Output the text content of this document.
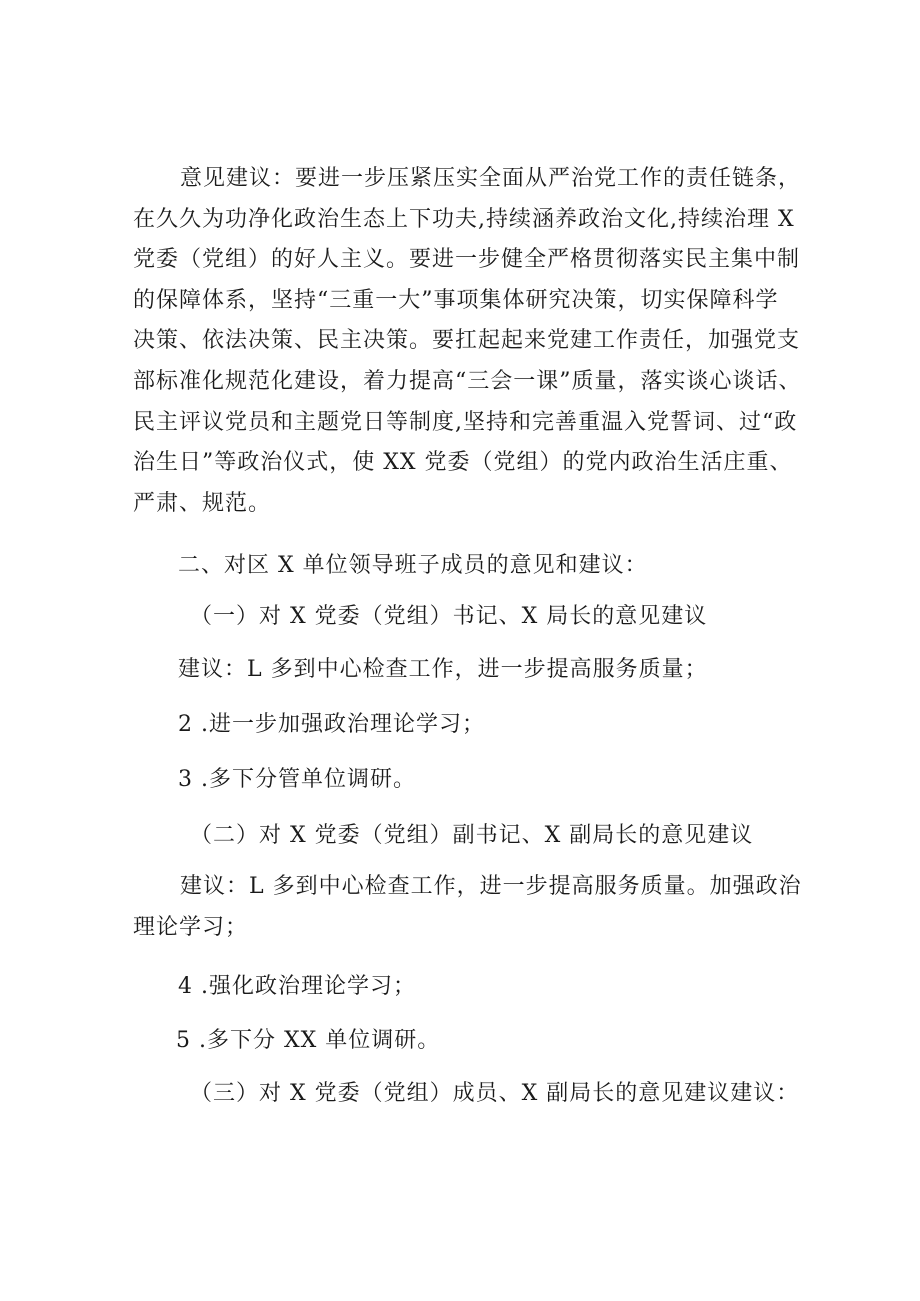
意见建议：要进一步压紧压实全面从严治党工作的责任链条，
在久久为功净化政治生态上下功夫,持续涵养政治文化,持续治理 X
党委（党组）的好人主义。要进一步健全严格贯彻落实民主集中制
的保障体系，坚持“三重一大”事项集体研究决策，切实保障科学
决策、依法决策、民主决策。要扛起起来党建工作责任，加强党支
部标准化规范化建设，着力提高“三会一课”质量，落实谈心谈话、
民主评议党员和主题党日等制度,坚持和完善重温入党誓词、过“政
治生日”等政治仪式，使 XX 党委（党组）的党内政治生活庄重、
严肃、规范。

二、对区 X 单位领导班子成员的意见和建议：

（一）对 X 党委（党组）书记、X 局长的意见建议

建议：L 多到中心检查工作，进一步提高服务质量；

2 .进一步加强政治理论学习；

3 .多下分管单位调研。

（二）对 X 党委（党组）副书记、X 副局长的意见建议

建议：L 多到中心检查工作，进一步提高服务质量。加强政治
理论学习；

4 .强化政治理论学习；

5 .多下分 XX 单位调研。

（三）对 X 党委（党组）成员、X 副局长的意见建议建议：
